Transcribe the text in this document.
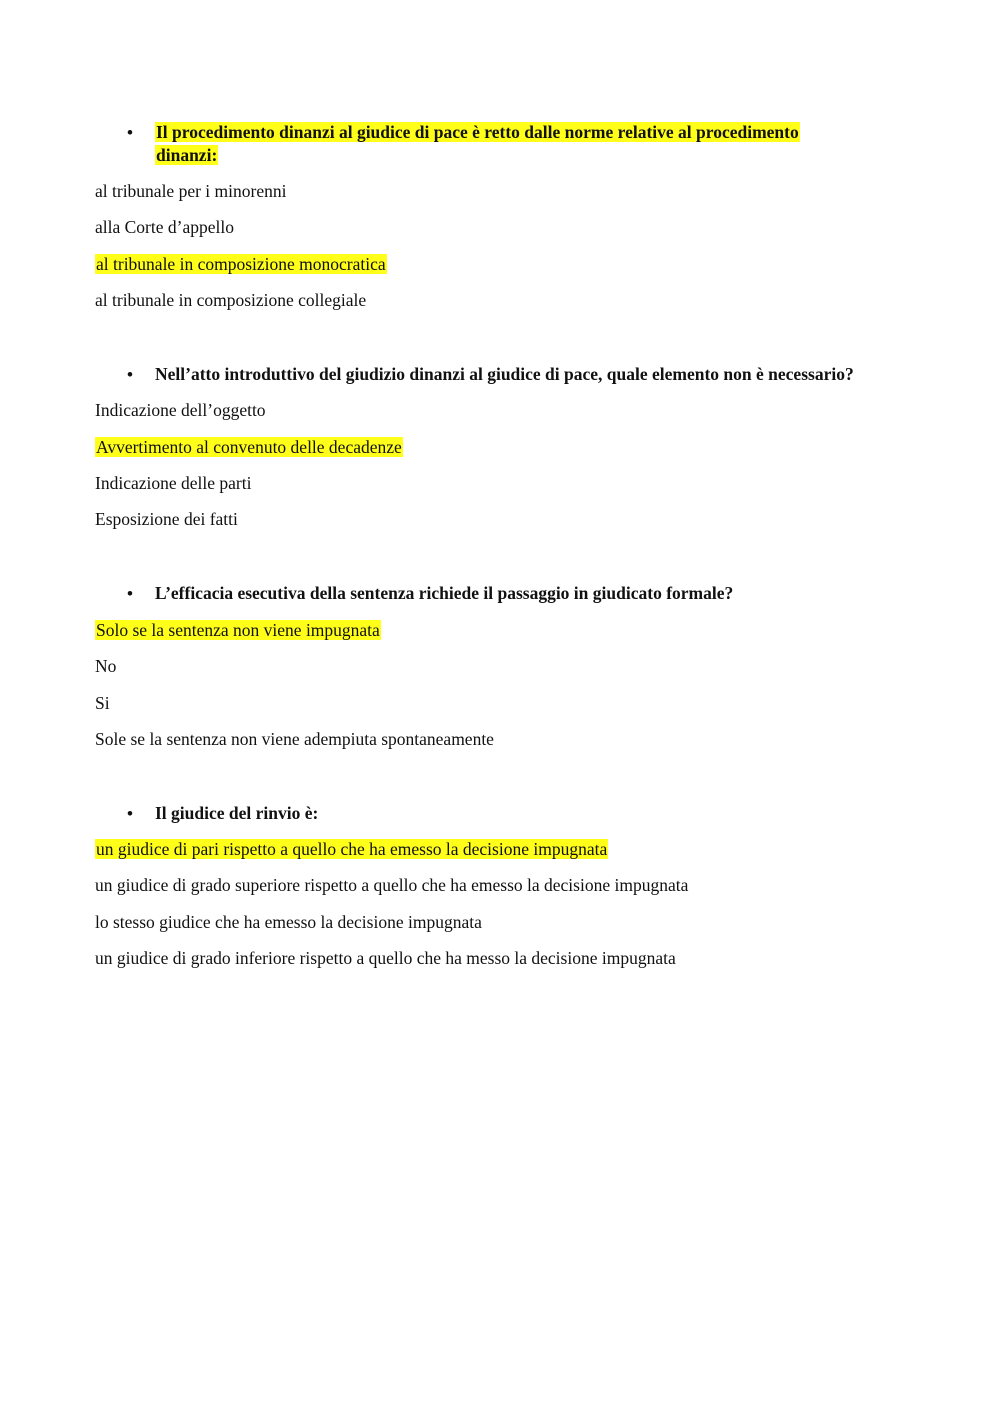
• Il procedimento dinanzi al giudice di pace è retto dalle norme relative al procedimento dinanzi:
al tribunale per i minorenni
alla Corte d’appello
al tribunale in composizione monocratica
al tribunale in composizione collegiale
• Nell’atto introduttivo del giudizio dinanzi al giudice di pace, quale elemento non è necessario?
Indicazione dell’oggetto
Avvertimento al convenuto delle decadenze
Indicazione delle parti
Esposizione dei fatti
• L’efficacia esecutiva della sentenza richiede il passaggio in giudicato formale?
Solo se la sentenza non viene impugnata
No
Si
Sole se la sentenza non viene adempiuta spontaneamente
• Il giudice del rinvio è:
un giudice di pari rispetto a quello che ha emesso la decisione impugnata
un giudice di grado superiore rispetto a quello che ha emesso la decisione impugnata
lo stesso giudice che ha emesso la decisione impugnata
un giudice di grado inferiore rispetto a quello che ha messo la decisione impugnata
